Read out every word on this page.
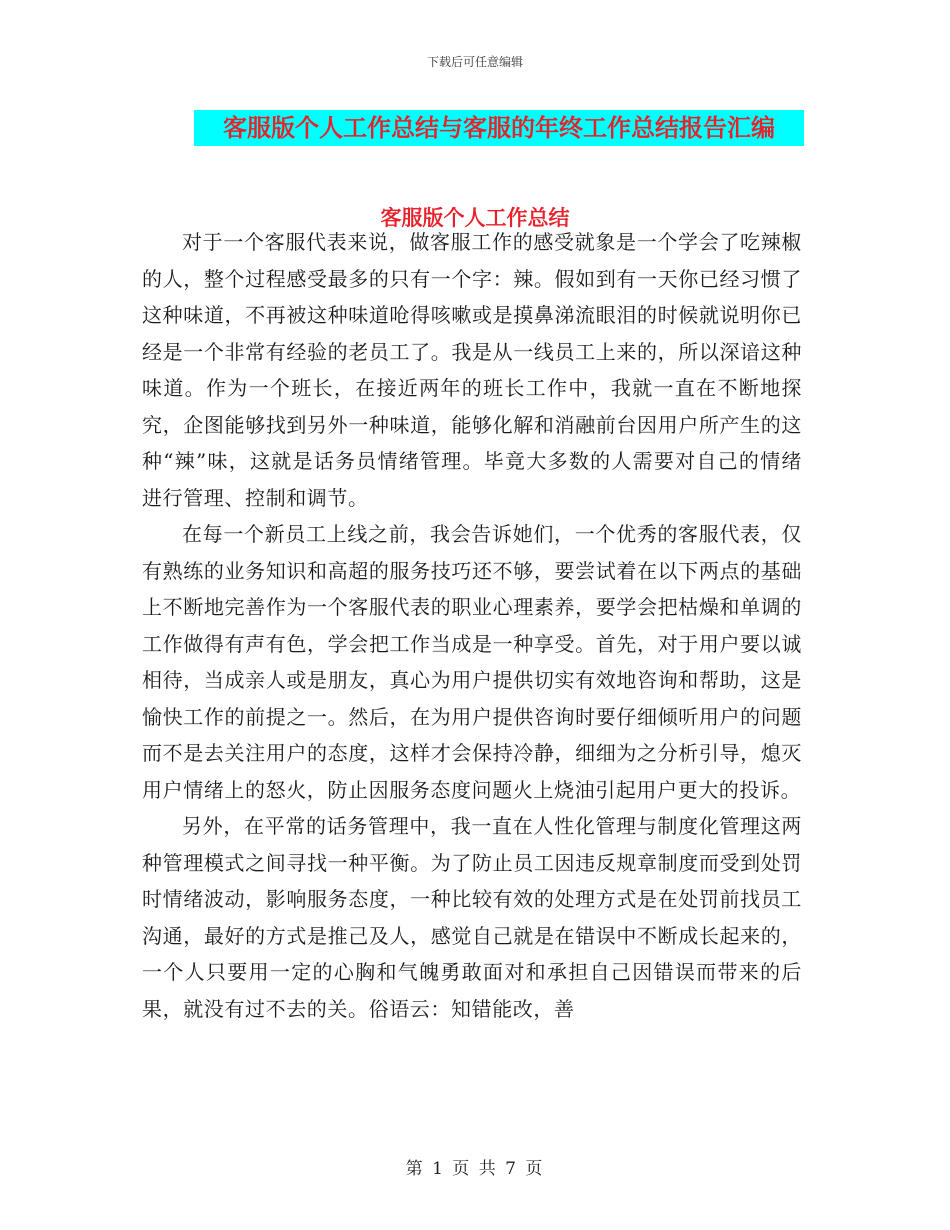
下载后可任意编辑
客服版个人工作总结与客服的年终工作总结报告汇编
客服版个人工作总结

对于一个客服代表来说，做客服工作的感受就象是一个学会了吃辣椒的人，整个过程感受最多的只有一个字：辣。假如到有一天你已经习惯了这种味道，不再被这种味道呛得咳嗽或是摸鼻涕流眼泪的时候就说明你已经是一个非常有经验的老员工了。我是从一线员工上来的，所以深谙这种味道。作为一个班长，在接近两年的班长工作中，我就一直在不断地探究，企图能够找到另外一种味道，能够化解和消融前台因用户所产生的这种“辣”味，这就是话务员情绪管理。毕竟大多数的人需要对自己的情绪进行管理、控制和调节。

在每一个新员工上线之前，我会告诉她们，一个优秀的客服代表，仅有熟练的业务知识和高超的服务技巧还不够，要尝试着在以下两点的基础上不断地完善作为一个客服代表的职业心理素养，要学会把枯燥和单调的工作做得有声有色，学会把工作当成是一种享受。首先，对于用户要以诚相待，当成亲人或是朋友，真心为用户提供切实有效地咨询和帮助，这是愉快工作的前提之一。然后，在为用户提供咨询时要仔细倾听用户的问题而不是去关注用户的态度，这样才会保持冷静，细细为之分析引导，熄灭用户情绪上的怒火，防止因服务态度问题火上烧油引起用户更大的投诉。

另外，在平常的话务管理中，我一直在人性化管理与制度化管理这两种管理模式之间寻找一种平衡。为了防止员工因违反规章制度而受到处罚时情绪波动，影响服务态度，一种比较有效的处理方式是在处罚前找员工沟通，最好的方式是推己及人，感觉自己就是在错误中不断成长起来的，一个人只要用一定的心胸和气魄勇敢面对和承担自己因错误而带来的后果，就没有过不去的关。俗语云：知错能改，善

第 1 页 共 7 页
